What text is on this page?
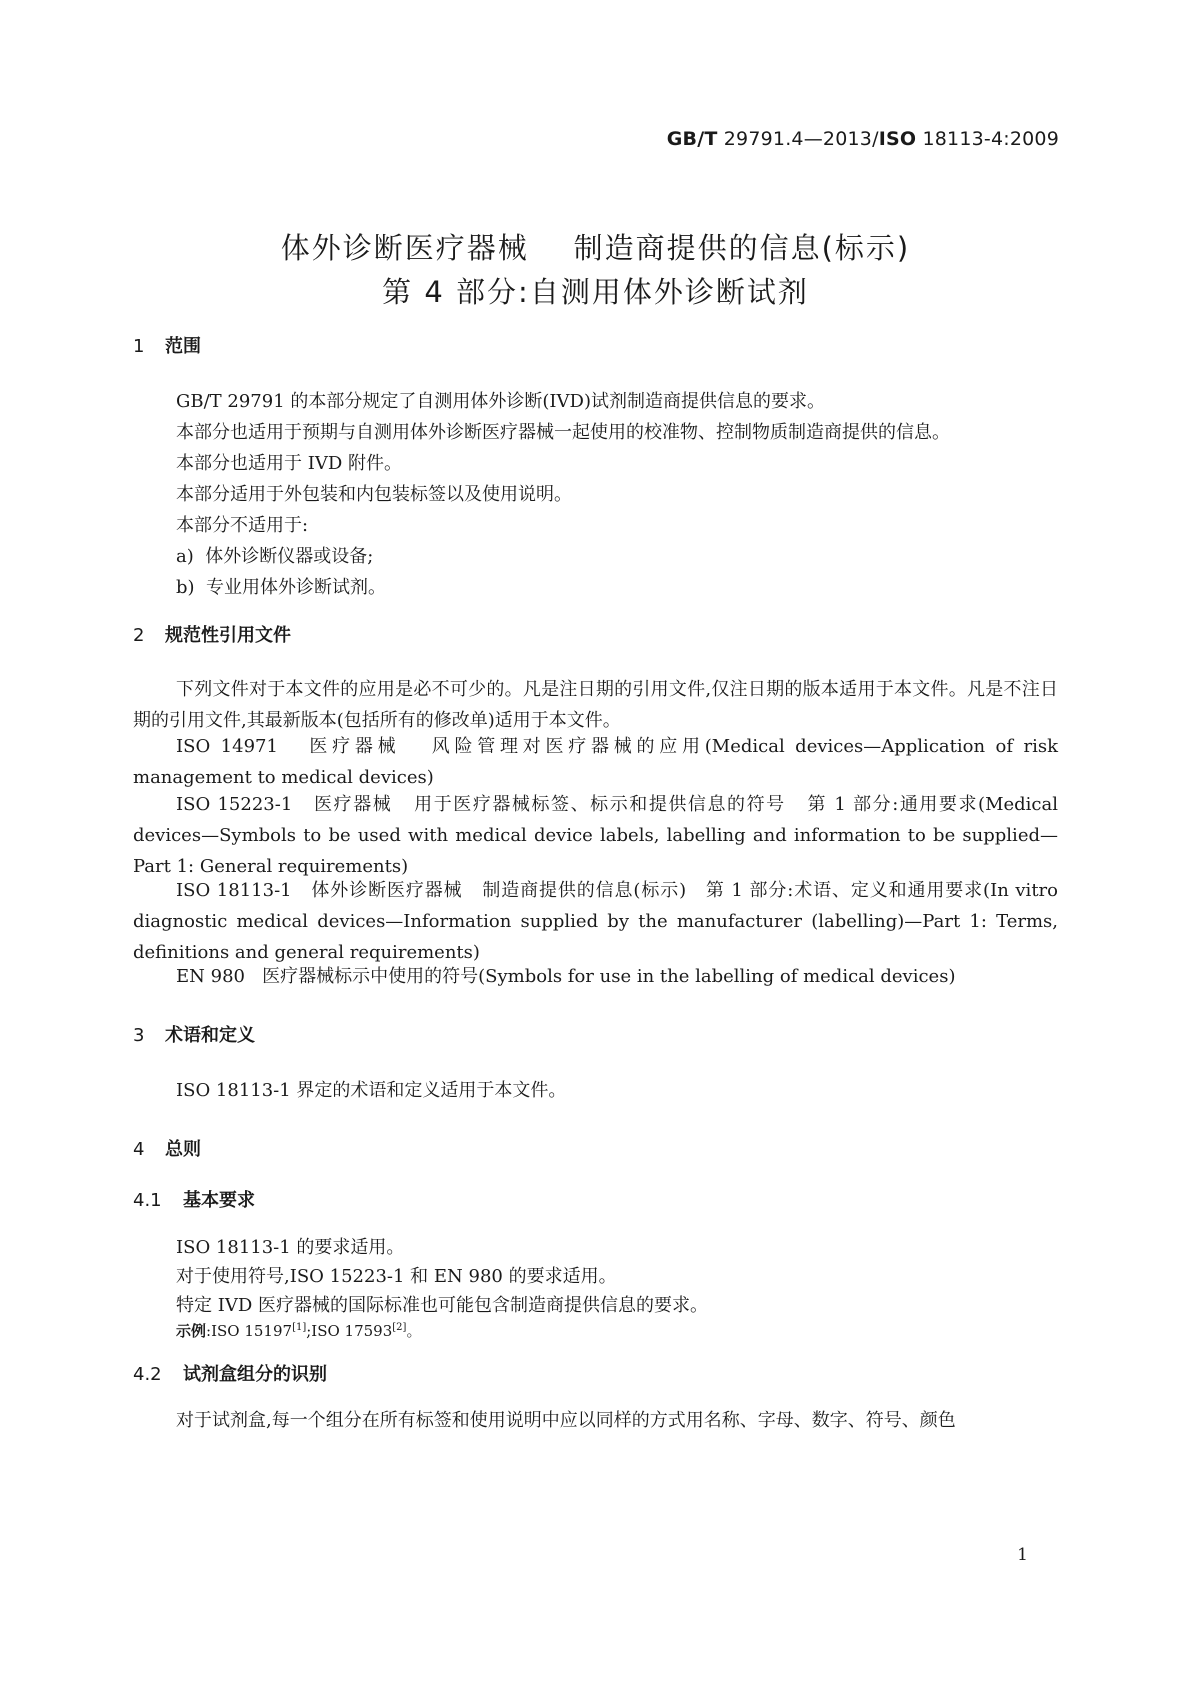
GB/T 29791.4—2013/ISO 18113-4:2009
体外诊断医疗器械    制造商提供的信息(标示)
第 4 部分:自测用体外诊断试剂
1 范围
GB/T 29791 的本部分规定了自测用体外诊断(IVD)试剂制造商提供信息的要求。
本部分也适用于预期与自测用体外诊断医疗器械一起使用的校准物、控制物质制造商提供的信息。
本部分也适用于 IVD 附件。
本部分适用于外包装和内包装标签以及使用说明。
本部分不适用于:
a)  体外诊断仪器或设备;
b)  专业用体外诊断试剂。
2 规范性引用文件
下列文件对于本文件的应用是必不可少的。凡是注日期的引用文件,仅注日期的版本适用于本文件。凡是不注日期的引用文件,其最新版本(包括所有的修改单)适用于本文件。
ISO 14971   医疗器械   风险管理对医疗器械的应用(Medical devices—Application of risk management to medical devices)
ISO 15223-1   医疗器械   用于医疗器械标签、标示和提供信息的符号   第 1 部分:通用要求(Medical devices—Symbols to be used with medical device labels, labelling and information to be supplied—Part 1: General requirements)
ISO 18113-1   体外诊断医疗器械   制造商提供的信息(标示)   第 1 部分:术语、定义和通用要求(In vitro diagnostic medical devices—Information supplied by the manufacturer (labelling)—Part 1: Terms, definitions and general requirements)
EN 980   医疗器械标示中使用的符号(Symbols for use in the labelling of medical devices)
3 术语和定义
ISO 18113-1 界定的术语和定义适用于本文件。
4 总则
4.1 基本要求
ISO 18113-1 的要求适用。
对于使用符号,ISO 15223-1 和 EN 980 的要求适用。
特定 IVD 医疗器械的国际标准也可能包含制造商提供信息的要求。
示例:ISO 15197[1];ISO 17593[2]。
4.2 试剂盒组分的识别
对于试剂盒,每一个组分在所有标签和使用说明中应以同样的方式用名称、字母、数字、符号、颜色
1
